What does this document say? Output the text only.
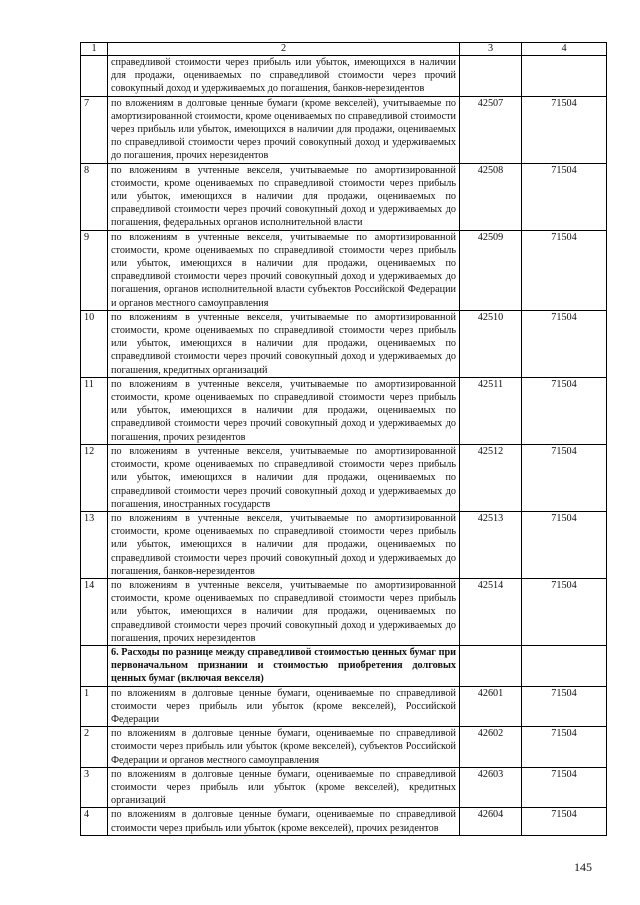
1	2	3	4
	справедливой стоимости через прибыль или убыток, имеющихся в наличии для продажи, оцениваемых по справедливой стоимости через прочий совокупный доход и удерживаемых до погашения, банков-нерезидентов		
7	по вложениям в долговые ценные бумаги (кроме векселей), учитываемые по амортизированной стоимости, кроме оцениваемых по справедливой стоимости через прибыль или убыток, имеющихся в наличии для продажи, оцениваемых по справедливой стоимости через прочий совокупный доход и удерживаемых до погашения, прочих нерезидентов	42507	71504
8	по вложениям в учтенные векселя, учитываемые по амортизированной стоимости, кроме оцениваемых по справедливой стоимости через прибыль или убыток, имеющихся в наличии для продажи, оцениваемых по справедливой стоимости через прочий совокупный доход и удерживаемых до погашения, федеральных органов исполнительной власти	42508	71504
9	по вложениям в учтенные векселя, учитываемые по амортизированной стоимости, кроме оцениваемых по справедливой стоимости через прибыль или убыток, имеющихся в наличии для продажи, оцениваемых по справедливой стоимости через прочий совокупный доход и удерживаемых до погашения, органов исполнительной власти субъектов Российской Федерации и органов местного самоуправления	42509	71504
10	по вложениям в учтенные векселя, учитываемые по амортизированной стоимости, кроме оцениваемых по справедливой стоимости через прибыль или убыток, имеющихся в наличии для продажи, оцениваемых по справедливой стоимости через прочий совокупный доход и удерживаемых до погашения, кредитных организаций	42510	71504
11	по вложениям в учтенные векселя, учитываемые по амортизированной стоимости, кроме оцениваемых по справедливой стоимости через прибыль или убыток, имеющихся в наличии для продажи, оцениваемых по справедливой стоимости через прочий совокупный доход и удерживаемых до погашения, прочих резидентов	42511	71504
12	по вложениям в учтенные векселя, учитываемые по амортизированной стоимости, кроме оцениваемых по справедливой стоимости через прибыль или убыток, имеющихся в наличии для продажи, оцениваемых по справедливой стоимости через прочий совокупный доход и удерживаемых до погашения, иностранных государств	42512	71504
13	по вложениям в учтенные векселя, учитываемые по амортизированной стоимости, кроме оцениваемых по справедливой стоимости через прибыль или убыток, имеющихся в наличии для продажи, оцениваемых по справедливой стоимости через прочий совокупный доход и удерживаемых до погашения, банков-нерезидентов	42513	71504
14	по вложениям в учтенные векселя, учитываемые по амортизированной стоимости, кроме оцениваемых по справедливой стоимости через прибыль или убыток, имеющихся в наличии для продажи, оцениваемых по справедливой стоимости через прочий совокупный доход и удерживаемых до погашения, прочих нерезидентов	42514	71504
	6. Расходы по разнице между справедливой стоимостью ценных бумаг при первоначальном признании и стоимостью приобретения долговых ценных бумаг (включая векселя)		
1	по вложениям в долговые ценные бумаги, оцениваемые по справедливой стоимости через прибыль или убыток (кроме векселей), Российской Федерации	42601	71504
2	по вложениям в долговые ценные бумаги, оцениваемые по справедливой стоимости через прибыль или убыток (кроме векселей), субъектов Российской Федерации и органов местного самоуправления	42602	71504
3	по вложениям в долговые ценные бумаги, оцениваемые по справедливой стоимости через прибыль или убыток (кроме векселей), кредитных организаций	42603	71504
4	по вложениям в долговые ценные бумаги, оцениваемые по справедливой стоимости через прибыль или убыток (кроме векселей), прочих резидентов	42604	71504
145
